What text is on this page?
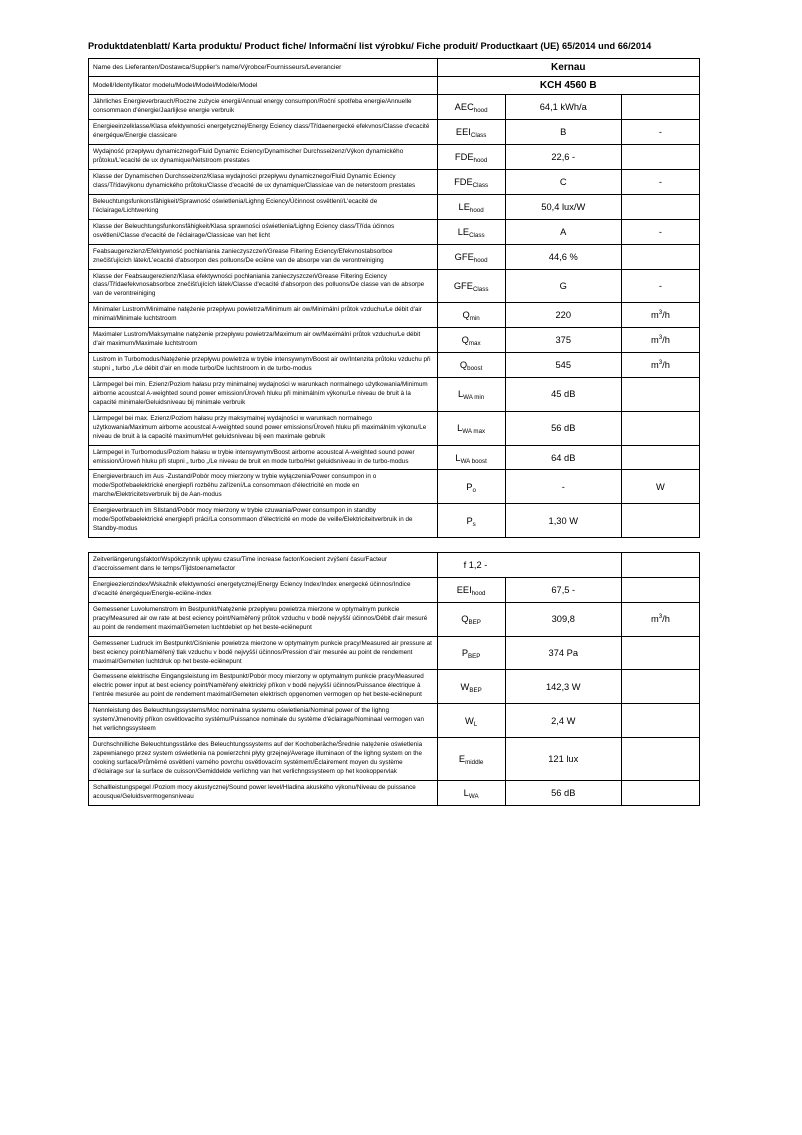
Produktdatenblatt/ Karta produktu/ Product fiche/ Informační list výrobku/ Fiche produit/ Productkaart (UE) 65/2014 und 66/2014
Name des Lieferanten/Dostawca/Supplier's name/Výrobce/Fournisseurs/Leverancier	Kernau		
Modell/Identyfikator modelu/Model/Model/Modèle/Model	KCH 4560 B		
Jährliches Energieverbrauch/Roczne zużycie energii/Annual energy consumpon/Roční spotřeba energie/Annuelle consommaon d'énergie/Jaarlijkse energie verbruik	$AEC_{hood}$	64,1 kWh/a	
Energieeinzelklasse/Klasa efektywności energetycznej/Energy Eciency class/Třídaenergecké efekvnos/Classe d'ecacité énergéque/Energie classicare	$EEI_{Class}$	B	-
Wydajność przepływu dynamicznego/Fluid Dynamic Eciency/Dynamischer Durchsseizenz/Výkon dynamického průtoku/L'ecacité de ux dynamique/Netstroom prestates	$FDE_{hood}$	22,6 -	
Klasse der Dynamischen Durchsseizenz/Klasa wydajności przepływu dynamicznego/Fluid Dynamic Eciency class/Třídavýkonu dynamického průtoku/Classe d'ecacité de ux dynamique/Classicae van de neterstoom prestates	$FDE_{Class}$	C	-
Beleuchtungsfunkonsfähigkeit/Sprawność oświetlenia/Lighng Eciency/Účinnost osvětlení/L'ecacité de l'éclairage/Lichtwerking	$LE_{hood}$	50,4 lux/W	
Klasse der Beleuchtungsfunkonsfähigkeit/Klasa sprawności oświetlenia/Lighng Eciency class/Třída účinnos osvětlení/Classe d'ecacité de l'éclairage/Classicae van het licht	$LE_{Class}$	A	-
Feabsaugerezienz/Efektywność pochłaniania zanieczyszczeń/Grease Filtering Eciency/Efekvnostabsorbce znečišťujících látek/L'ecacité d'absorpon des polluons/De eciëne van de absorpe van de verontreiniging	$GFE_{hood}$	44,6 %	
Klasse der Feabsaugerezienz/Klasa efektywności pochłaniania zanieczyszczeń/Grease Filtering Eciency class/Třídaefekvnosabsorbce znečišťujících látek/Classe d'ecacité d'absorpon des polluons/De classe van de absorpe van de verontreiniging	$GFE_{Class}$	G	-
Minimaler Lustrom/Minimalne natężenie przepływu powietrza/Minimum air ow/Minimální průtok vzduchu/Le débit d'air minimal/Minimale luchtstroom	$Q_{min}$	220	$m^3/h$
Maximaler Lustrom/Maksymalne natężenie przepływu powietrza/Maximum air ow/Maximální průtok vzduchu/Le débit d'air maximum/Maximale luchtstroom	$Q_{max}$	375	$m^3/h$
Lustrom in Turbomodus/Natężenie przepływu powietrza w trybie intensywnym/Boost air ow/Intenzita průtoku vzduchu při stupni „ turbo „/Le débit d'air en mode turbo/De luchtstroom in de turbo-modus	$Q_{boost}$	545	$m^3/h$
Lärmpegel bei min. Ezienz/Poziom hałasu przy minimalnej wydajności w warunkach normalnego użytkowania/Minimum airborne acoustcal A-weighted sound power emission/Úroveň hluku při minimálním výkonu/Le niveau de bruit à la capacité minimale/Geluidsniveau bij minimale verbruik	$L_{WA min}$	45 dB	
Lärmpegel bei max. Ezienz/Poziom hałasu przy maksymalnej wydajności w warunkach normalnego użytkowania/Maximum airborne acoustcal A-weighted sound power emissions/Úroveň hluku při maximálním výkonu/Le niveau de bruit à la capacité maximum/Het geluidsniveau bij een maximale gebruik	$L_{WA max}$	56 dB	
Lärmpegel in Turbomodus/Poziom hałasu w trybie intensywnym/Boost airborne acoustcal A-weighted sound power emission/Úroveň hluku při stupni „ turbo „/Le niveau de bruit en mode turbo/Het geluidsniveau in de turbo-modus	$L_{WA boost}$	64 dB	
Energieverbrauch im Aus -Zustand/Pobór mocy mierzony w trybie wyłączenia/Power consumpon in o mode/Spotřebaelektrické energiepři rozběhu zařízení/La consommaon d'électricité en mode en marche/Elektricitetsverbruik bij de Aan-modus	$P_o$	-	W
Energieverbrauch im SIlstand/Pobór mocy mierzony w trybie czuwania/Power consumpon in standby mode/Spotřebaelektrické energiepři práci/La consommaon d'électricité en mode de veille/Elektriciteitverbruik in de Standby-modus	$P_s$	1,30 W	

Zeitverlängerungsfaktor/Współczynnik upływu czasu/Time increase factor/Koecient zvýšení času/Facteur d'accroissement dans le temps/Tijdstoenamefactor	f 1,2 -		
Energieezienzindex/Wskaźnik efektywności energetycznej/Energy Eciency Index/Index energecké účinnos/Indice d'ecacité énergéque/Energie-eciëne-index	$EEI_{hood}$	67,5 -	
Gemessener Luvolumenstrom im Bestpunkt/Natężenie przepływu powietrza mierzone w optymalnym punkcie pracy/Measured air ow rate at best eciency point/Naměřený průtok vzduchu v bodě nejvyšší účinnos/Débit d'air mesuré au point de rendement maximal/Gemeten luchtdebiet op het beste-eciënepunt	$Q_{BEP}$	309,8	$m^3/h$
Gemessener Ludruck im Bestpunkt/Ciśnienie powietrza mierzone w optymalnym punkcie pracy/Measured air pressure at best eciency point/Naměřený tlak vzduchu v bodě nejvyšší účinnos/Pression d'air mesurée au point de rendement maximal/Gemeten luchtdruk op het beste-eciënepunt	$P_{BEP}$	374 Pa	
Gemessene elektrische Eingangsleistung im Bestpunkt/Pobór mocy mierzony w optymalnym punkcie pracy/Measured electric power input at best eciency point/Naměřený elektrický příkon v bodě nejvyšší účinnos/Puissance électrique à l'entrée mesurée au point de rendement maximal/Gemeten elektrisch opgenomen vermogen op het beste-eciënepunt	$W_{BEP}$	142,3 W	
Nennleistung des Beleuchtungssystems/Moc nominalna systemu oświetlenia/Nominal power of the lighng system/Jmenovitý příkon osvětlovacího systému/Puissance nominale du système d'éclairage/Nominaal vermogen van het verlichngssysteem	$W_L$	2,4 W	
Durchschnilliche Beleuchtungsstärke des Beleuchtungssystems auf der Kochoberäche/Średnie natężenie oświetlenia zapewnianego przez system oświetlenia na powierzchni płyty grzejnej/Average illuminaon of the lighng system on the cooking surface/Průměrné osvětlení varného povrchu osvětlovacím systémem/Éclairement moyen du système d'éclairage sur la surface de cuisson/Gemiddelde verlichng van het verlichngssysteem op het kookoppervlak	$E_{middle}$	121 lux	
Schallleistungspegel /Poziom mocy akustycznej/Sound power level/Hladina akuského výkonu/Niveau de puissance acousque/Geluidsvermogensniveau	$L_{WA}$	56 dB	
